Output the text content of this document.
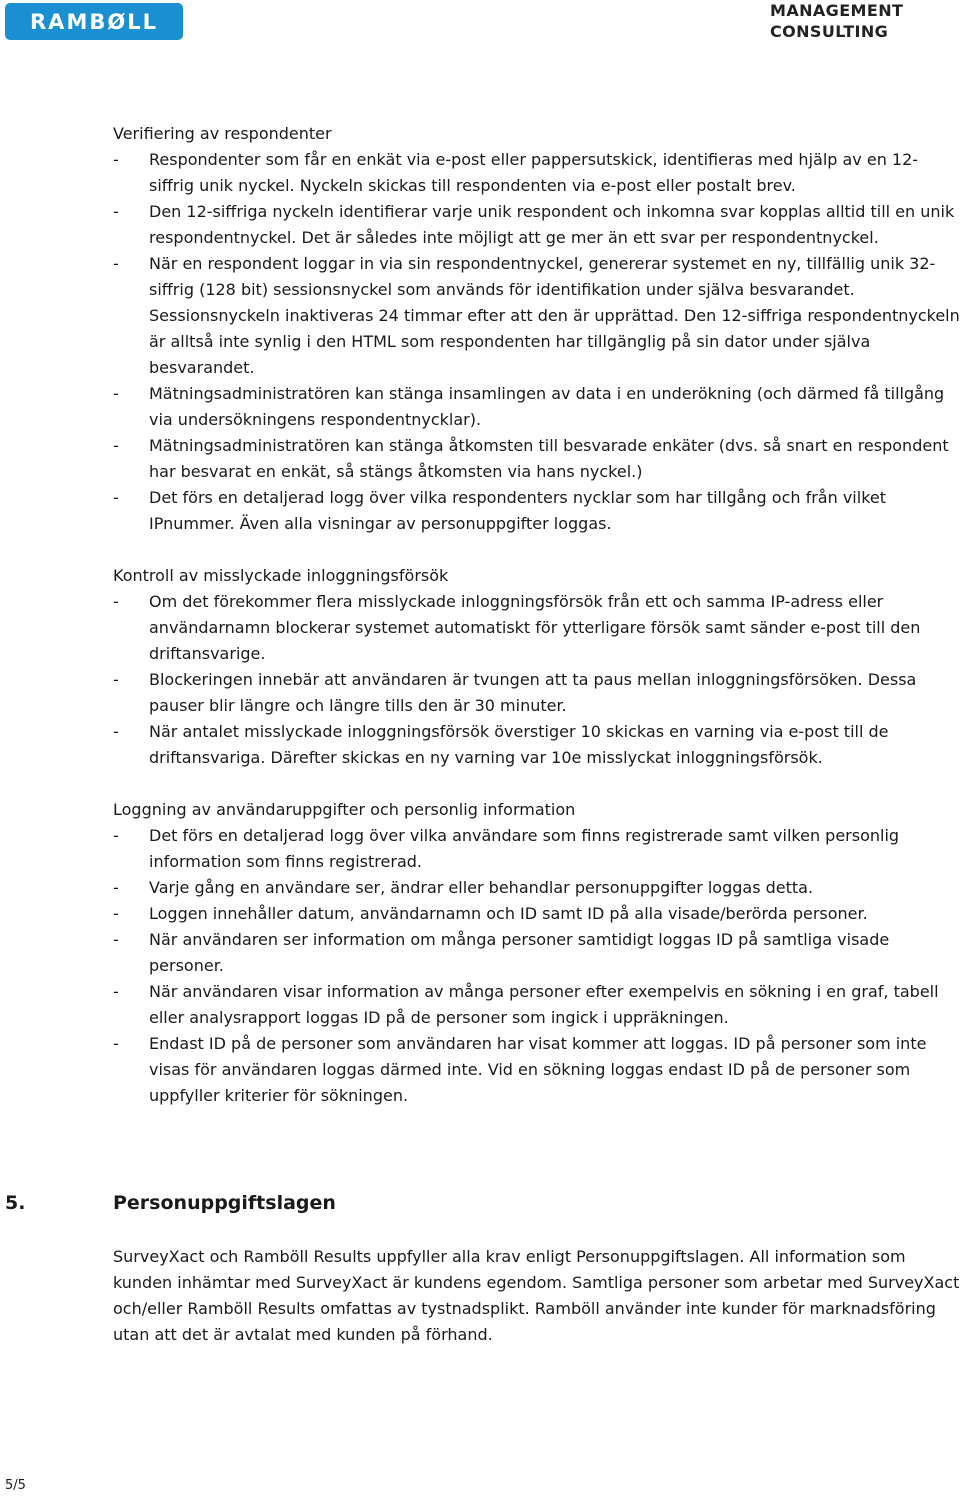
RAMBØLL	MANAGEMENT
CONSULTING

Verifiering av respondenter

- Respondenter som får en enkät via e-post eller pappersutskick, identifieras med hjälp av en 12-siffrig unik nyckel. Nyckeln skickas till respondenten via e-post eller postalt brev.
- Den 12-siffriga nyckeln identifierar varje unik respondent och inkomna svar kopplas alltid till en unik respondentnyckel. Det är således inte möjligt att ge mer än ett svar per respondentnyckel.
- När en respondent loggar in via sin respondentnyckel, genererar systemet en ny, tillfällig unik 32-siffrig (128 bit) sessionsnyckel som används för identifikation under själva besvarandet. Sessionsnyckeln inaktiveras 24 timmar efter att den är upprättad. Den 12-siffriga respondentnyckeln är alltså inte synlig i den HTML som respondenten har tillgänglig på sin dator under själva besvarandet.
- Mätningsadministratören kan stänga insamlingen av data i en underökning (och därmed få tillgång via undersökningens respondentnycklar).
- Mätningsadministratören kan stänga åtkomsten till besvarade enkäter (dvs. så snart en respondent har besvarat en enkät, så stängs åtkomsten via hans nyckel.)
- Det förs en detaljerad logg över vilka respondenters nycklar som har tillgång och från vilket IPnummer. Även alla visningar av personuppgifter loggas.

Kontroll av misslyckade inloggningsförsök

- Om det förekommer flera misslyckade inloggningsförsök från ett och samma IP-adress eller användarnamn blockerar systemet automatiskt för ytterligare försök samt sänder e-post till den driftansvarige.
- Blockeringen innebär att användaren är tvungen att ta paus mellan inloggningsförsöken. Dessa pauser blir längre och längre tills den är 30 minuter.
- När antalet misslyckade inloggningsförsök överstiger 10 skickas en varning via e-post till de driftansvariga. Därefter skickas en ny varning var 10e misslyckat inloggningsförsök.

Loggning av användaruppgifter och personlig information

- Det förs en detaljerad logg över vilka användare som finns registrerade samt vilken personlig information som finns registrerad.
- Varje gång en användare ser, ändrar eller behandlar personuppgifter loggas detta.
- Loggen innehåller datum, användarnamn och ID samt ID på alla visade/berörda personer.
- När användaren ser information om många personer samtidigt loggas ID på samtliga visade personer.
- När användaren visar information av många personer efter exempelvis en sökning i en graf, tabell eller analysrapport loggas ID på de personer som ingick i uppräkningen.
- Endast ID på de personer som användaren har visat kommer att loggas. ID på personer som inte visas för användaren loggas därmed inte. Vid en sökning loggas endast ID på de personer som uppfyller kriterier för sökningen.
5.	Personuppgiftslagen

SurveyXact och Ramböll Results uppfyller alla krav enligt Personuppgiftslagen. All information som kunden inhämtar med SurveyXact är kundens egendom. Samtliga personer som arbetar med SurveyXact och/eller Ramböll Results omfattas av tystnadsplikt. Ramböll använder inte kunder för marknadsföring utan att det är avtalat med kunden på förhand.

5/5
